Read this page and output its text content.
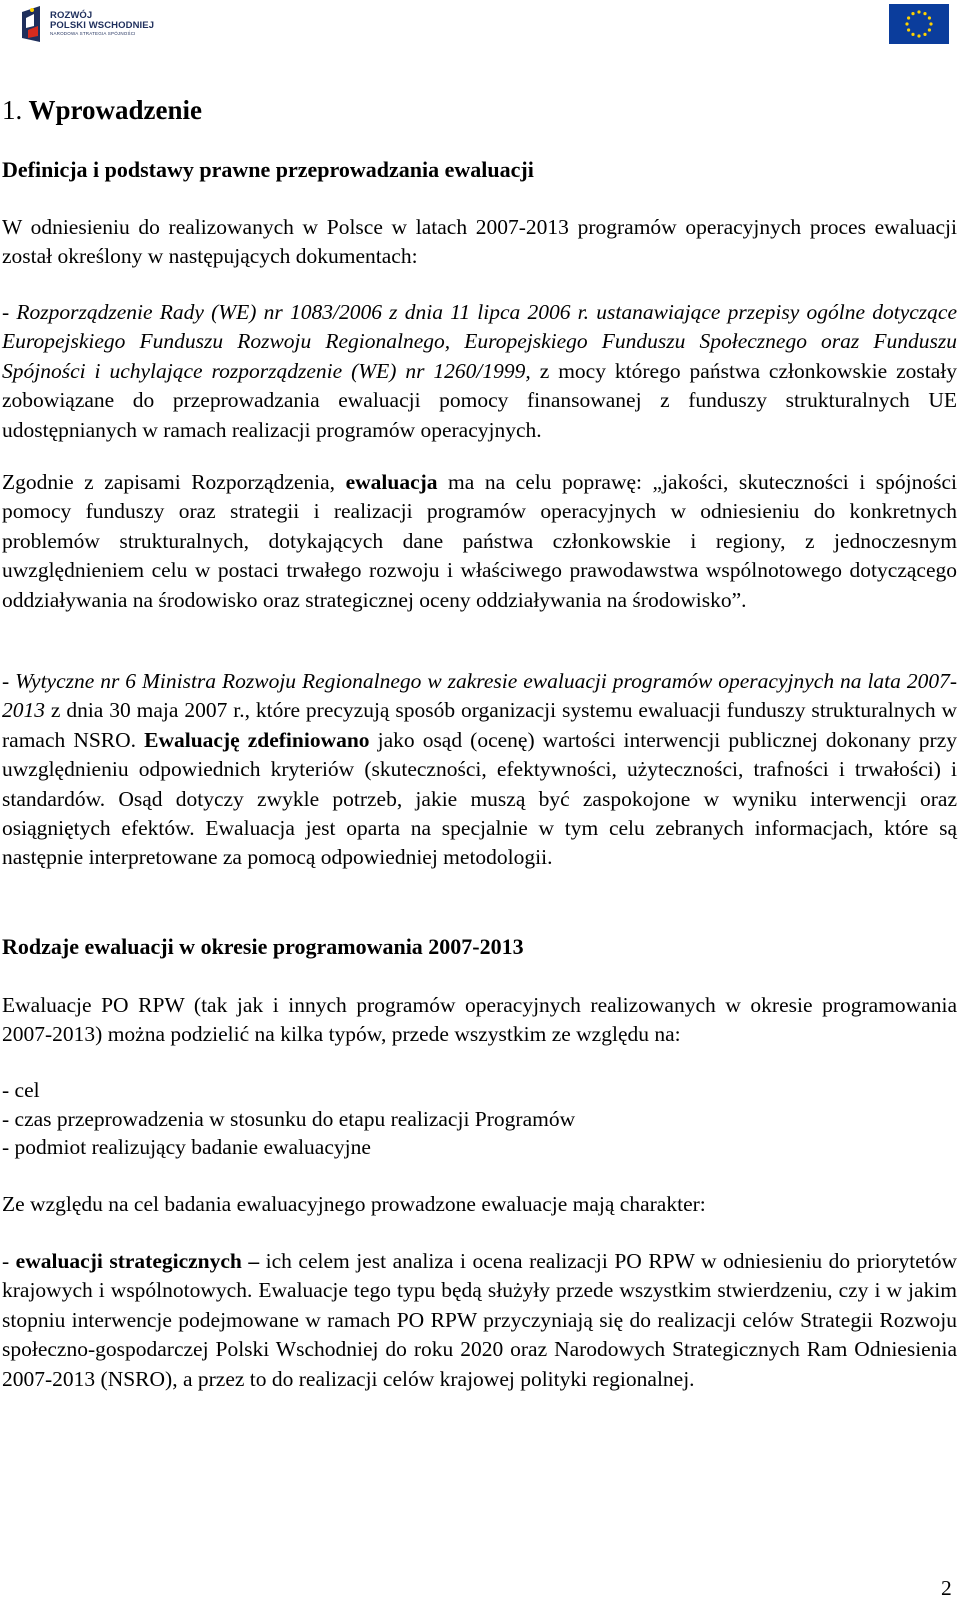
ROZWÓJ
POLSKI WSCHODNIEJ
NARODOWA STRATEGIA SPÓJNOŚCI
1. Wprowadzenie
Definicja i podstawy prawne przeprowadzania ewaluacji

W odniesieniu do realizowanych w Polsce w latach 2007-2013 programów operacyjnych proces ewaluacji został określony w następujących dokumentach:

- Rozporządzenie Rady (WE) nr 1083/2006 z dnia 11 lipca 2006 r. ustanawiające przepisy ogólne dotyczące Europejskiego Funduszu Rozwoju Regionalnego, Europejskiego Funduszu Społecznego oraz Funduszu Spójności i uchylające rozporządzenie (WE) nr 1260/1999, z mocy którego państwa członkowskie zostały zobowiązane do przeprowadzania ewaluacji pomocy finansowanej z funduszy strukturalnych UE udostępnianych w ramach realizacji programów operacyjnych.

Zgodnie z zapisami Rozporządzenia, ewaluacja ma na celu poprawę: „jakości, skuteczności i spójności pomocy funduszy oraz strategii i realizacji programów operacyjnych w odniesieniu do konkretnych problemów strukturalnych, dotykających dane państwa członkowskie i regiony, z jednoczesnym uwzględnieniem celu w postaci trwałego rozwoju i właściwego prawodawstwa wspólnotowego dotyczącego oddziaływania na środowisko oraz strategicznej oceny oddziaływania na środowisko”.

- Wytyczne nr 6 Ministra Rozwoju Regionalnego w zakresie ewaluacji programów operacyjnych na lata 2007-2013 z dnia 30 maja 2007 r., które precyzują sposób organizacji systemu ewaluacji funduszy strukturalnych w ramach NSRO. Ewaluację zdefiniowano jako osąd (ocenę) wartości interwencji publicznej dokonany przy uwzględnieniu odpowiednich kryteriów (skuteczności, efektywności, użyteczności, trafności i trwałości) i standardów. Osąd dotyczy zwykle potrzeb, jakie muszą być zaspokojone w wyniku interwencji oraz osiągniętych efektów. Ewaluacja jest oparta na specjalnie w tym celu zebranych informacjach, które są następnie interpretowane za pomocą odpowiedniej metodologii.

Rodzaje ewaluacji w okresie programowania 2007-2013

Ewaluacje PO RPW (tak jak i innych programów operacyjnych realizowanych w okresie programowania 2007-2013) można podzielić na kilka typów, przede wszystkim ze względu na:

- cel

- czas przeprowadzenia w stosunku do etapu realizacji Programów

- podmiot realizujący badanie ewaluacyjne

Ze względu na cel badania ewaluacyjnego prowadzone ewaluacje mają charakter:

- ewaluacji strategicznych – ich celem jest analiza i ocena realizacji PO RPW w odniesieniu do priorytetów krajowych i wspólnotowych. Ewaluacje tego typu będą służyły przede wszystkim stwierdzeniu, czy i w jakim stopniu interwencje podejmowane w ramach PO RPW przyczyniają się do realizacji celów Strategii Rozwoju społeczno-gospodarczej Polski Wschodniej do roku 2020 oraz Narodowych Strategicznych Ram Odniesienia 2007-2013 (NSRO), a przez to do realizacji celów krajowej polityki regionalnej.

2
